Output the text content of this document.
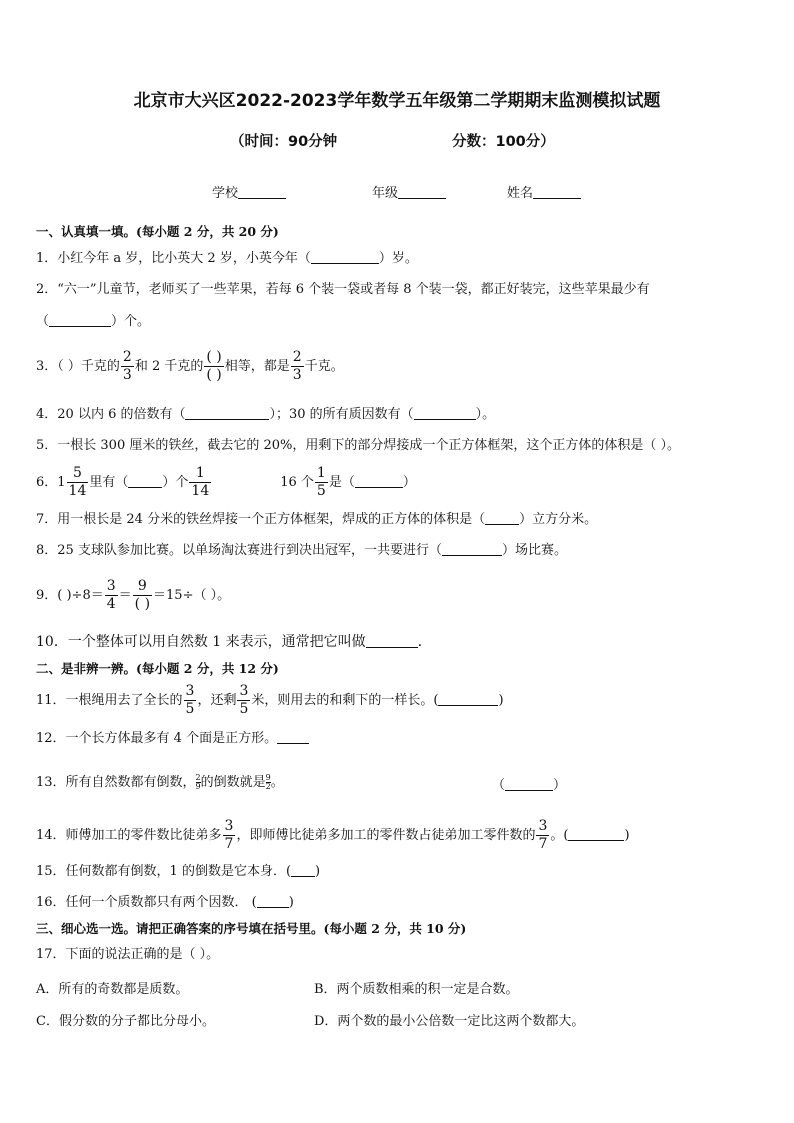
北京市大兴区2022-2023学年数学五年级第二学期期末监测模拟试题
（时间：90分钟	分数：100分）
学校	年级	姓名
一、认真填一填。(每小题 2 分，共 20 分)
1．小红今年 a 岁，比小英大 2 岁，小英今年（	）岁。
2．“六一”儿童节，老师买了一些苹果，若每 6 个装一袋或者每 8 个装一袋，都正好装完，这些苹果最少有
（	）个。
3．（ ）千克的 $\frac{2}{3}$ 和 2 千克的 $\frac{( )}{( )}$ 相等，都是 $\frac{2}{3}$ 千克。
4．20 以内 6 的倍数有（	）；30 的所有质因数有（	）。
5．一根长 300 厘米的铁丝，截去它的 20%，用剩下的部分焊接成一个正方体框架，这个正方体的体积是（ ）。
6．$1 \frac{5}{14}$ 里有（	）个 $\frac{1}{14}$	16 个 $\frac{1}{5}$ 是（	）
7．用一根长是 24 分米的铁丝焊接一个正方体框架，焊成的正方体的体积是（	）立方分米。
8．25 支球队参加比赛。以单场淘汰赛进行到决出冠军，一共要进行（	）场比赛。
9．( )$\div 8= \frac{3}{4} = \frac{9}{( )} =15\div$（ ）。
10．一个整体可以用自然数 1 来表示，通常把它叫做	.
二、是非辨一辨。(每小题 2 分，共 12 分)
11．一根绳用去了全长的 $\frac{3}{5}$ ，还剩 $\frac{3}{5}$ 米，则用去的和剩下的一样长。(	)
12．一个长方体最多有 4 个面是正方形。
13．所有自然数都有倒数， $\frac{2}{9}$ 的倒数就是 $\frac{9}{2}$ 。	（	）
14．师傅加工的零件数比徒弟多 $\frac{3}{7}$ ，即师傅比徒弟多加工的零件数占徒弟加工零件数的 $\frac{3}{7}$ 。(	)
15．任何数都有倒数，1 的倒数是它本身．( )
16．任何一个质数都只有两个因数． ( )
三、细心选一选。请把正确答案的序号填在括号里。(每小题 2 分，共 10 分)
17．下面的说法正确的是（ ）。
A．所有的奇数都是质数。	B．两个质数相乘的积一定是合数。
C．假分数的分子都比分母小。	D．两个数的最小公倍数一定比这两个数都大。
